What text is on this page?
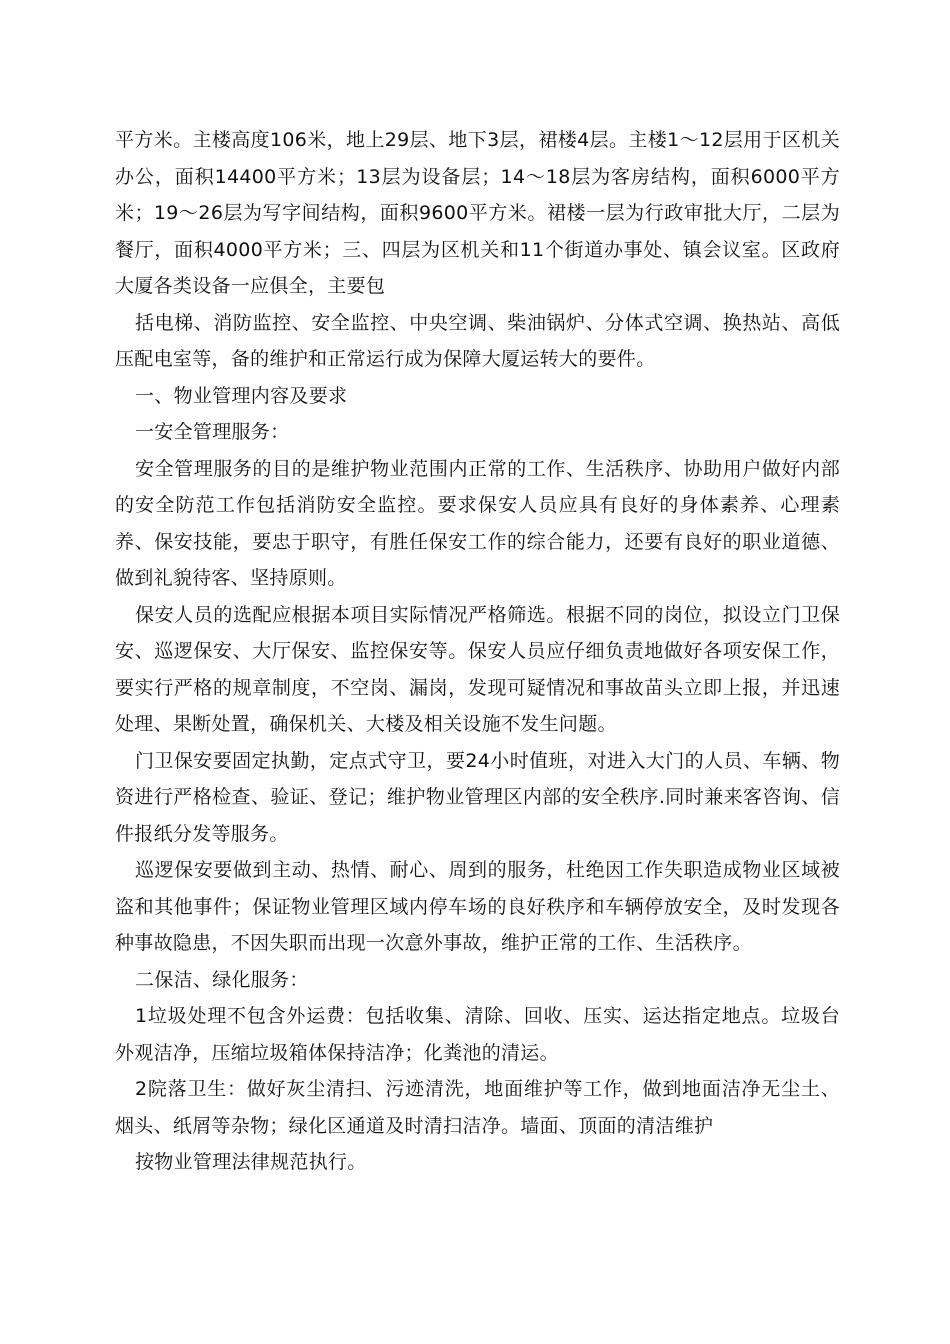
平方米。主楼高度106米，地上29层、地下3层，裙楼4层。主楼1～12层用于区机关办公，面积14400平方米；13层为设备层；14～18层为客房结构，面积6000平方米；19～26层为写字间结构，面积9600平方米。裙楼一层为行政审批大厅，二层为餐厅，面积4000平方米；三、四层为区机关和11个街道办事处、镇会议室。区政府大厦各类设备一应俱全，主要包

括电梯、消防监控、安全监控、中央空调、柴油锅炉、分体式空调、换热站、高低压配电室等，备的维护和正常运行成为保障大厦运转大的要件。

一、物业管理内容及要求

一安全管理服务：

安全管理服务的目的是维护物业范围内正常的工作、生活秩序、协助用户做好内部的安全防范工作包括消防安全监控。要求保安人员应具有良好的身体素养、心理素养、保安技能，要忠于职守，有胜任保安工作的综合能力，还要有良好的职业道德、做到礼貌待客、坚持原则。

保安人员的选配应根据本项目实际情况严格筛选。根据不同的岗位，拟设立门卫保安、巡逻保安、大厅保安、监控保安等。保安人员应仔细负责地做好各项安保工作，要实行严格的规章制度，不空岗、漏岗，发现可疑情况和事故苗头立即上报，并迅速处理、果断处置，确保机关、大楼及相关设施不发生问题。

门卫保安要固定执勤，定点式守卫，要24小时值班，对进入大门的人员、车辆、物资进行严格检查、验证、登记；维护物业管理区内部的安全秩序.同时兼来客咨询、信件报纸分发等服务。

巡逻保安要做到主动、热情、耐心、周到的服务，杜绝因工作失职造成物业区域被盗和其他事件；保证物业管理区域内停车场的良好秩序和车辆停放安全，及时发现各种事故隐患，不因失职而出现一次意外事故，维护正常的工作、生活秩序。

二保洁、绿化服务：

1垃圾处理不包含外运费：包括收集、清除、回收、压实、运达指定地点。垃圾台外观洁净，压缩垃圾箱体保持洁净；化粪池的清运。

2院落卫生：做好灰尘清扫、污迹清洗，地面维护等工作，做到地面洁净无尘土、烟头、纸屑等杂物；绿化区通道及时清扫洁净。墙面、顶面的清洁维护

按物业管理法律规范执行。
